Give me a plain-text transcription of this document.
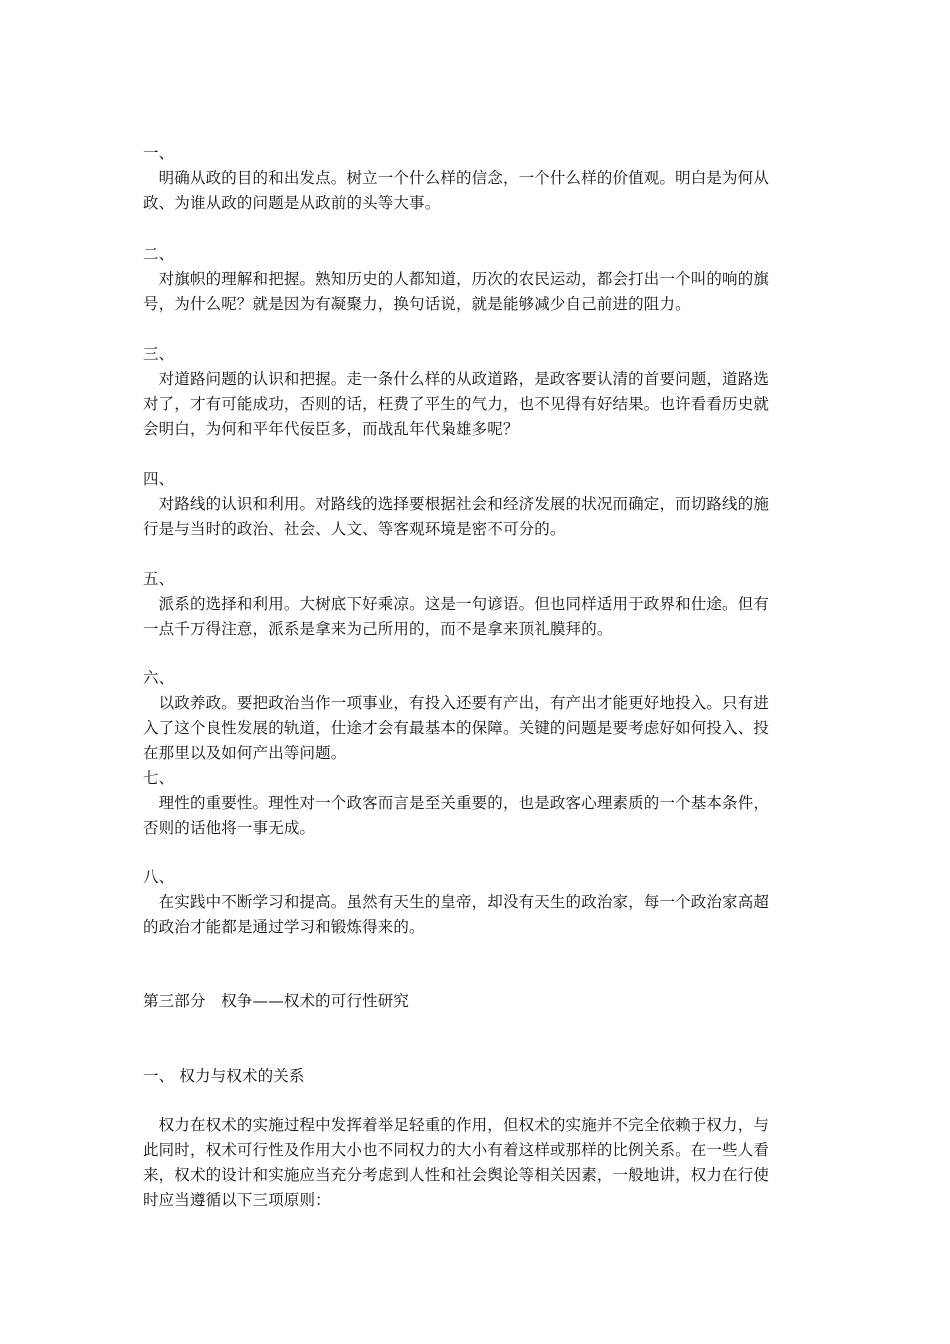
一、
　明确从政的目的和出发点。树立一个什么样的信念，一个什么样的价值观。明白是为何从
政、为谁从政的问题是从政前的头等大事。
二、
　对旗帜的理解和把握。熟知历史的人都知道，历次的农民运动，都会打出一个叫的响的旗
号，为什么呢？就是因为有凝聚力，换句话说，就是能够减少自己前进的阻力。
三、
　对道路问题的认识和把握。走一条什么样的从政道路，是政客要认清的首要问题，道路选
对了，才有可能成功，否则的话，枉费了平生的气力，也不见得有好结果。也许看看历史就
会明白，为何和平年代佞臣多，而战乱年代枭雄多呢？
四、
　对路线的认识和利用。对路线的选择要根据社会和经济发展的状况而确定，而切路线的施
行是与当时的政治、社会、人文、等客观环境是密不可分的。
五、
　派系的选择和利用。大树底下好乘凉。这是一句谚语。但也同样适用于政界和仕途。但有
一点千万得注意，派系是拿来为己所用的，而不是拿来顶礼膜拜的。
六、
　以政养政。要把政治当作一项事业，有投入还要有产出，有产出才能更好地投入。只有进
入了这个良性发展的轨道，仕途才会有最基本的保障。关键的问题是要考虑好如何投入、投
在那里以及如何产出等问题。
七、
　理性的重要性。理性对一个政客而言是至关重要的，也是政客心理素质的一个基本条件，
否则的话他将一事无成。
八、
　在实践中不断学习和提高。虽然有天生的皇帝，却没有天生的政治家，每一个政治家高超
的政治才能都是通过学习和锻炼得来的。
第三部分　权争——权术的可行性研究
一、 权力与权术的关系
　权力在权术的实施过程中发挥着举足轻重的作用，但权术的实施并不完全依赖于权力，与
此同时，权术可行性及作用大小也不同权力的大小有着这样或那样的比例关系。在一些人看
来，权术的设计和实施应当充分考虑到人性和社会舆论等相关因素，一般地讲，权力在行使
时应当遵循以下三项原则：
